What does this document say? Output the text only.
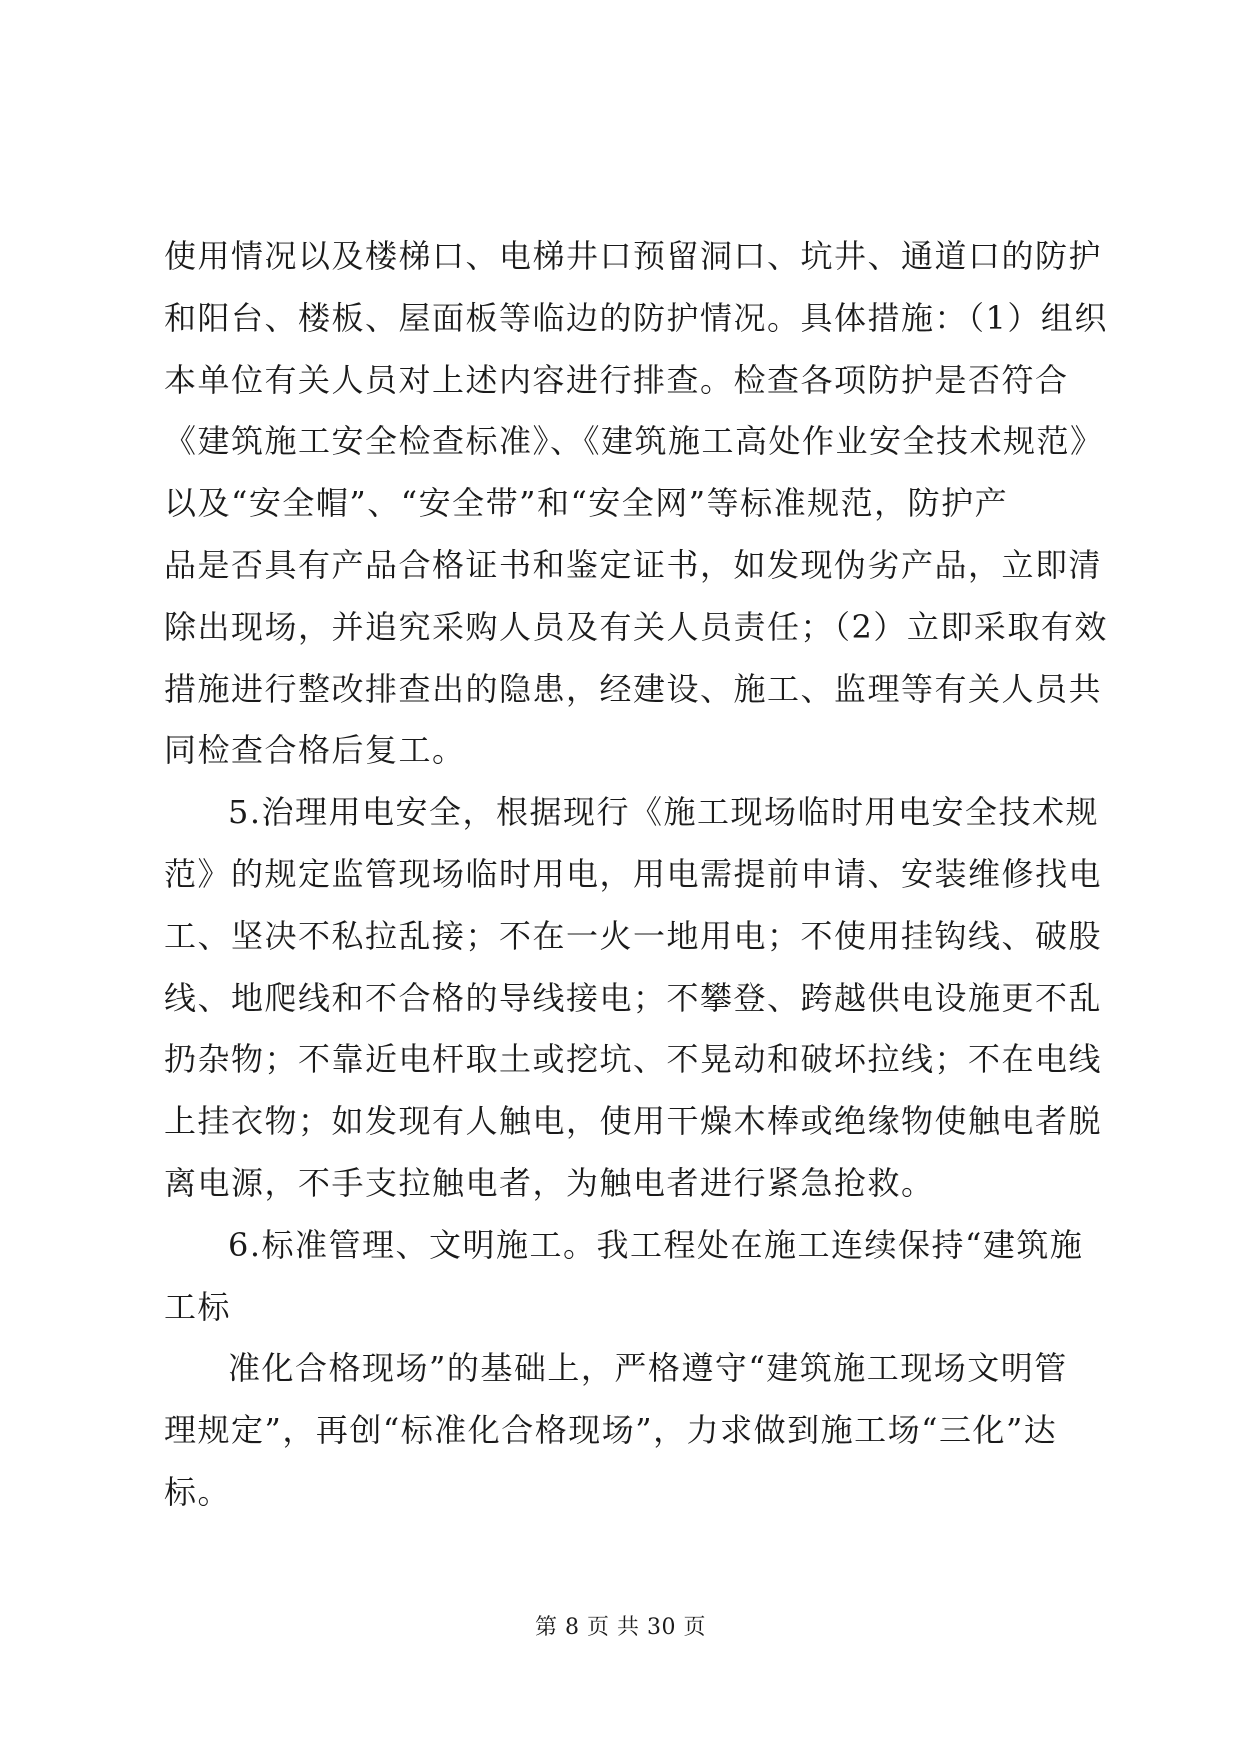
使用情况以及楼梯口、电梯井口预留洞口、坑井、通道口的防护
和阳台、楼板、屋面板等临边的防护情况。具体措施：（1）组织
本单位有关人员对上述内容进行排查。检查各项防护是否符合
《建筑施工安全检查标准》、《建筑施工高处作业安全技术规范》
以及“安全帽”、“安全带”和“安全网”等标准规范，防护产
品是否具有产品合格证书和鉴定证书，如发现伪劣产品，立即清
除出现场，并追究采购人员及有关人员责任；（2）立即采取有效
措施进行整改排查出的隐患，经建设、施工、监理等有关人员共
同检查合格后复工。
5.治理用电安全，根据现行《施工现场临时用电安全技术规
范》的规定监管现场临时用电，用电需提前申请、安装维修找电
工、坚决不私拉乱接；不在一火一地用电；不使用挂钩线、破股
线、地爬线和不合格的导线接电；不攀登、跨越供电设施更不乱
扔杂物；不靠近电杆取土或挖坑、不晃动和破坏拉线；不在电线
上挂衣物；如发现有人触电，使用干燥木棒或绝缘物使触电者脱
离电源，不手支拉触电者，为触电者进行紧急抢救。
6.标准管理、文明施工。我工程处在施工连续保持“建筑施
工标
准化合格现场”的基础上，严格遵守“建筑施工现场文明管
理规定”，再创“标准化合格现场”，力求做到施工场“三化”达
标。
第 8 页 共 30 页
